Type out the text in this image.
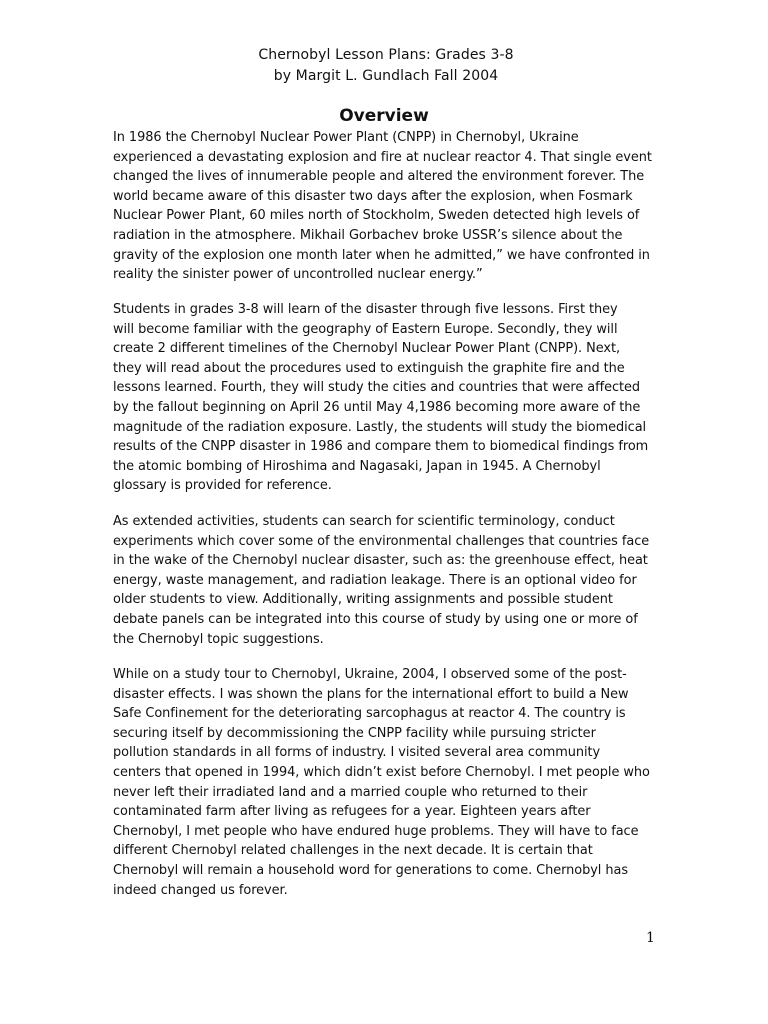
Chernobyl Lesson Plans: Grades 3-8
by Margit L. Gundlach Fall 2004
Overview
In 1986 the Chernobyl Nuclear Power Plant (CNPP) in Chernobyl, Ukraine
experienced a devastating explosion and fire at nuclear reactor 4. That single event
changed the lives of innumerable people and altered the environment forever. The
world became aware of this disaster two days after the explosion, when Fosmark
Nuclear Power Plant, 60 miles north of Stockholm, Sweden detected high levels of
radiation in the atmosphere. Mikhail Gorbachev broke USSR’s silence about the
gravity of the explosion one month later when he admitted,” we have confronted in
reality the sinister power of uncontrolled nuclear energy.”
Students in grades 3-8 will learn of the disaster through five lessons. First they
will become familiar with the geography of Eastern Europe. Secondly, they will
create 2 different timelines of the Chernobyl Nuclear Power Plant (CNPP). Next,
they will read about the procedures used to extinguish the graphite fire and the
lessons learned. Fourth, they will study the cities and countries that were affected
by the fallout beginning on April 26 until May 4,1986 becoming more aware of the
magnitude of the radiation exposure. Lastly, the students will study the biomedical
results of the CNPP disaster in 1986 and compare them to biomedical findings from
the atomic bombing of Hiroshima and Nagasaki, Japan in 1945. A Chernobyl
glossary is provided for reference.
As extended activities, students can search for scientific terminology, conduct
experiments which cover some of the environmental challenges that countries face
in the wake of the Chernobyl nuclear disaster, such as: the greenhouse effect, heat
energy, waste management, and radiation leakage. There is an optional video for
older students to view. Additionally, writing assignments and possible student
debate panels can be integrated into this course of study by using one or more of
the Chernobyl topic suggestions.
While on a study tour to Chernobyl, Ukraine, 2004, I observed some of the post-
disaster effects. I was shown the plans for the international effort to build a New
Safe Confinement for the deteriorating sarcophagus at reactor 4. The country is
securing itself by decommissioning the CNPP facility while pursuing stricter
pollution standards in all forms of industry. I visited several area community
centers that opened in 1994, which didn’t exist before Chernobyl. I met people who
never left their irradiated land and a married couple who returned to their
contaminated farm after living as refugees for a year. Eighteen years after
Chernobyl, I met people who have endured huge problems. They will have to face
different Chernobyl related challenges in the next decade. It is certain that
Chernobyl will remain a household word for generations to come. Chernobyl has
indeed changed us forever.
1
